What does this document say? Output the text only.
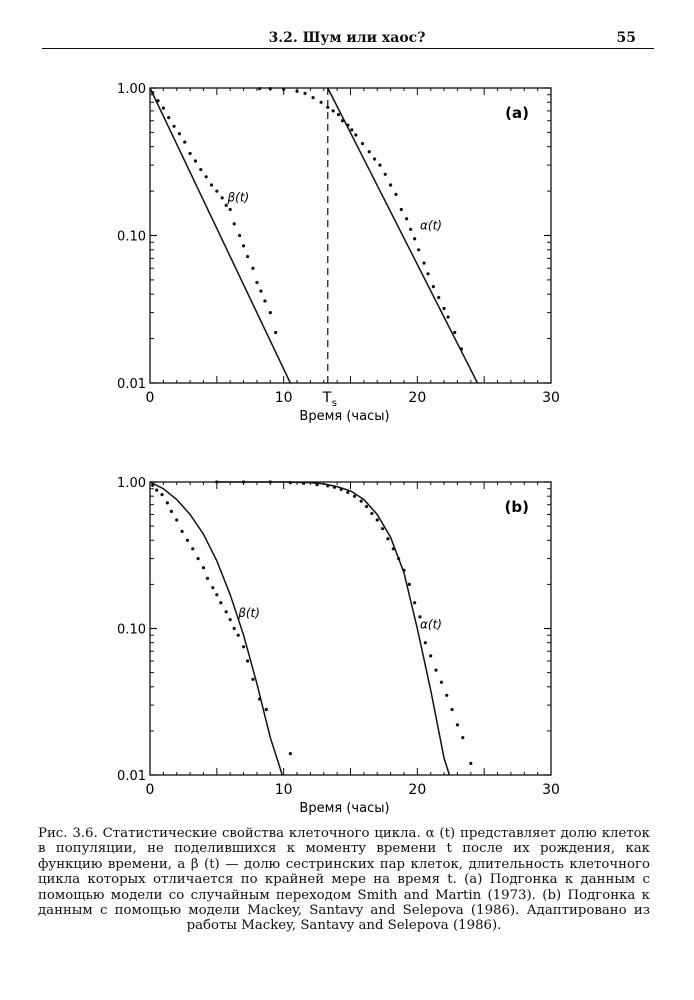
3.2. Шум или хаос?	55
1.00
0.10
0.01
0	10	20	30
Время (часы)
(a)
T s
β(t)
α(t)
1.00
0.10
0.01
0	10	20	30
Время (часы)
(b)
β(t)
α(t)
Рис. 3.6. Статистические свойства клеточного цикла. α (t) представляет долю клеток в популяции, не поделившихся к моменту времени t после их рождения, как функцию времени, а β (t) — долю сестринских пар клеток, длительность клеточного цикла которых отличается по крайней мере на время t. (a) Подгонка к данным с помощью модели со случайным переходом Smith and Martin (1973). (b) Подгонка к данным с помощью модели Mackey, Santavy and Selepova (1986). Адаптировано из работы Mackey, Santavy and Selepova (1986).
